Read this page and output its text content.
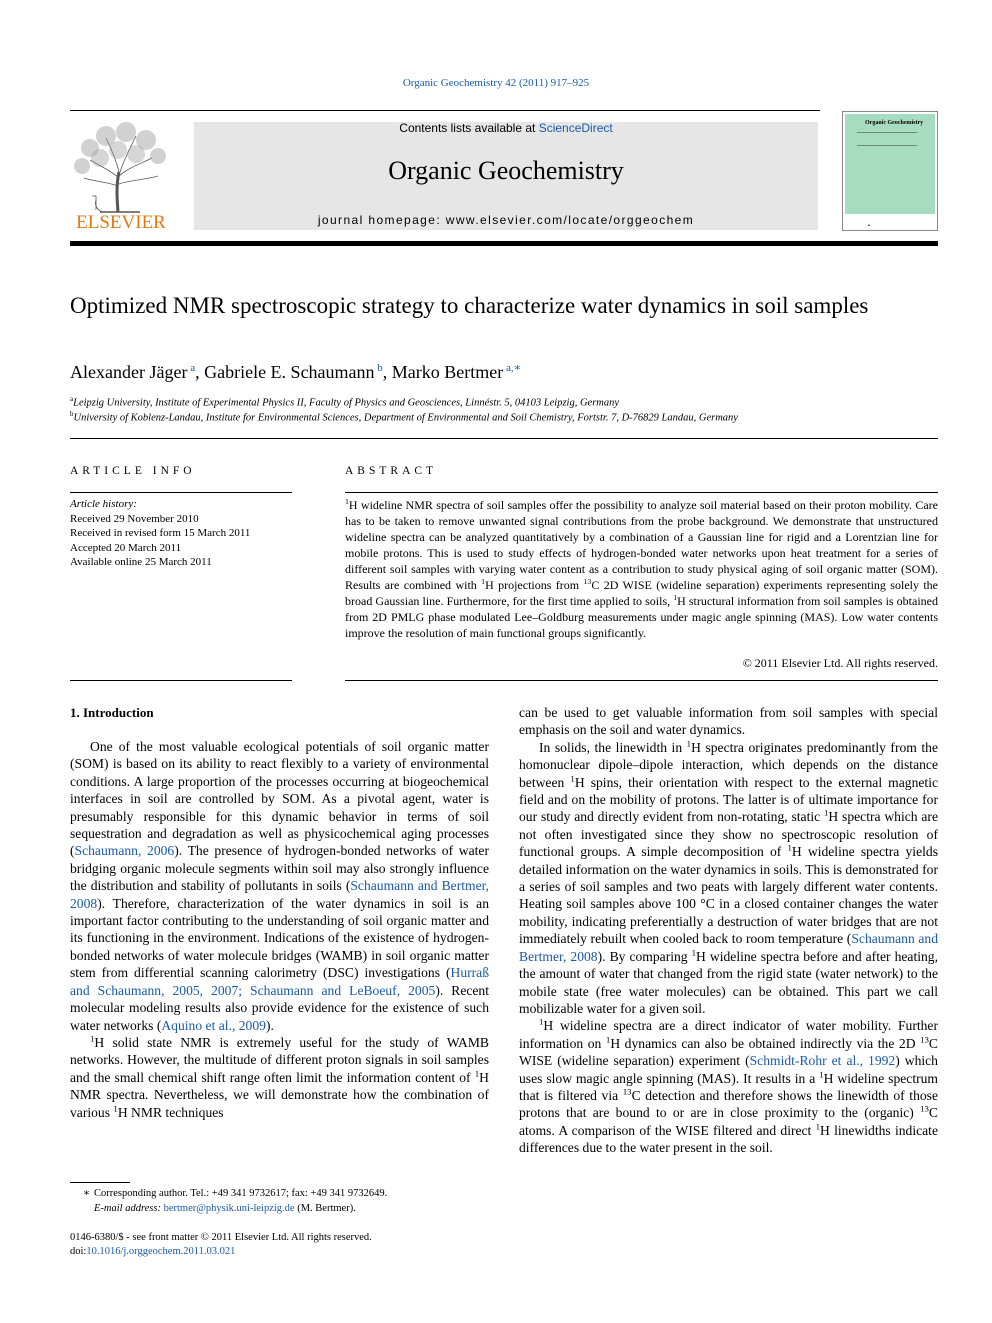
Organic Geochemistry 42 (2011) 917–925
ELSEVIER
Contents lists available at ScienceDirect
Organic Geochemistry
journal homepage: www.elsevier.com/locate/orggeochem
Organic Geochemistry
▲
Optimized NMR spectroscopic strategy to characterize water dynamics in soil samples
Alexander Jäger $^a$, Gabriele E. Schaumann $^b$, Marko Bertmer $^{a,∗}$
$^a$Leipzig University, Institute of Experimental Physics II, Faculty of Physics and Geosciences, Linnéstr. 5, 04103 Leipzig, Germany
$^b$University of Koblenz-Landau, Institute for Environmental Sciences, Department of Environmental and Soil Chemistry, Fortstr. 7, D-76829 Landau, Germany
ARTICLE INFO
Article history:
Received 29 November 2010
Received in revised form 15 March 2011
Accepted 20 March 2011
Available online 25 March 2011
ABSTRACT
$^1$H wideline NMR spectra of soil samples offer the possibility to analyze soil material based on their proton mobility. Care has to be taken to remove unwanted signal contributions from the probe background. We demonstrate that unstructured wideline spectra can be analyzed quantitatively by a combination of a Gaussian line for rigid and a Lorentzian line for mobile protons. This is used to study effects of hydrogen-bonded water networks upon heat treatment for a series of different soil samples with varying water content as a contribution to study physical aging of soil organic matter (SOM). Results are combined with $^1$H projections from $^{13}$C 2D WISE (wideline separation) experiments representing solely the broad Gaussian line. Furthermore, for the first time applied to soils, $^1$H structural information from soil samples is obtained from 2D PMLG phase modulated Lee–Goldburg measurements under magic angle spinning (MAS). Low water contents improve the resolution of main functional groups significantly.
© 2011 Elsevier Ltd. All rights reserved.
1. Introduction

One of the most valuable ecological potentials of soil organic matter (SOM) is based on its ability to react flexibly to a variety of environmental conditions. A large proportion of the processes occurring at biogeochemical interfaces in soil are controlled by SOM. As a pivotal agent, water is presumably responsible for this dynamic behavior in terms of soil sequestration and degradation as well as physicochemical aging processes (Schaumann, 2006). The presence of hydrogen-bonded networks of water bridging organic molecule segments within soil may also strongly influence the distribution and stability of pollutants in soils (Schaumann and Bertmer, 2008). Therefore, characterization of the water dynamics in soil is an important factor contributing to the understanding of soil organic matter and its functioning in the environment. Indications of the existence of hydrogen-bonded networks of water molecule bridges (WAMB) in soil organic matter stem from differential scanning calorimetry (DSC) investigations (Hurraß and Schaumann, 2005, 2007; Schaumann and LeBoeuf, 2005). Recent molecular modeling results also provide evidence for the existence of such water networks (Aquino et al., 2009).

$^1$H solid state NMR is extremely useful for the study of WAMB networks. However, the multitude of different proton signals in soil samples and the small chemical shift range often limit the information content of $^1$H NMR spectra. Nevertheless, we will demonstrate how the combination of various $^1$H NMR techniques

can be used to get valuable information from soil samples with special emphasis on the soil and water dynamics.

In solids, the linewidth in $^1$H spectra originates predominantly from the homonuclear dipole–dipole interaction, which depends on the distance between $^1$H spins, their orientation with respect to the external magnetic field and on the mobility of protons. The latter is of ultimate importance for our study and directly evident from non-rotating, static $^1$H spectra which are not often investigated since they show no spectroscopic resolution of functional groups. A simple decomposition of $^1$H wideline spectra yields detailed information on the water dynamics in soils. This is demonstrated for a series of soil samples and two peats with largely different water contents. Heating soil samples above 100 °C in a closed container changes the water mobility, indicating preferentially a destruction of water bridges that are not immediately rebuilt when cooled back to room temperature (Schaumann and Bertmer, 2008). By comparing $^1$H wideline spectra before and after heating, the amount of water that changed from the rigid state (water network) to the mobile state (free water molecules) can be obtained. This part we call mobilizable water for a given soil.

$^1$H wideline spectra are a direct indicator of water mobility. Further information on $^1$H dynamics can also be obtained indirectly via the 2D $^{13}$C WISE (wideline separation) experiment (Schmidt-Rohr et al., 1992) which uses slow magic angle spinning (MAS). It results in a $^1$H wideline spectrum that is filtered via $^{13}$C detection and therefore shows the linewidth of those protons that are bound to or are in close proximity to the (organic) $^{13}$C atoms. A comparison of the WISE filtered and direct $^1$H linewidths indicate differences due to the water present in the soil.

∗ Corresponding author. Tel.: +49 341 9732617; fax: +49 341 9732649.
E-mail address: bertmer@physik.uni-leipzig.de (M. Bertmer).
0146-6380/$ - see front matter © 2011 Elsevier Ltd. All rights reserved.
doi:10.1016/j.orggeochem.2011.03.021
